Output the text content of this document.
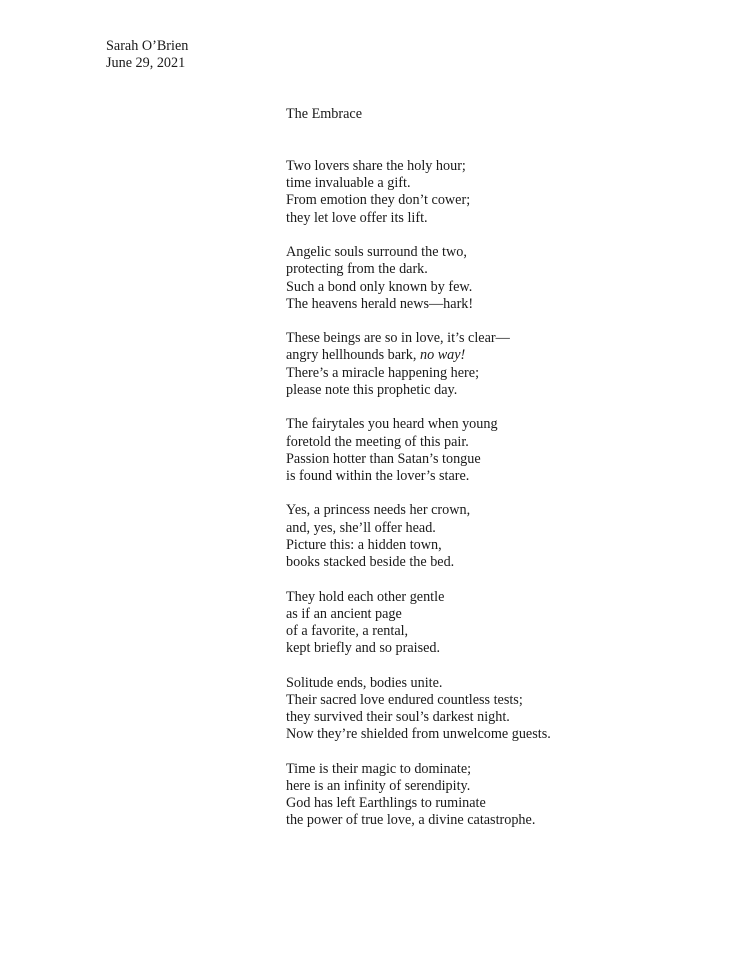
Sarah O’Brien
June 29, 2021
The Embrace
Two lovers share the holy hour;
time invaluable a gift.
From emotion they don’t cower;
they let love offer its lift.
Angelic souls surround the two,
protecting from the dark.
Such a bond only known by few.
The heavens herald news—hark!
These beings are so in love, it’s clear—
angry hellhounds bark, no way!
There’s a miracle happening here;
please note this prophetic day.
The fairytales you heard when young
foretold the meeting of this pair.
Passion hotter than Satan’s tongue
is found within the lover’s stare.
Yes, a princess needs her crown,
and, yes, she’ll offer head.
Picture this: a hidden town,
books stacked beside the bed.
They hold each other gentle
as if an ancient page
of a favorite, a rental,
kept briefly and so praised.
Solitude ends, bodies unite.
Their sacred love endured countless tests;
they survived their soul’s darkest night.
Now they’re shielded from unwelcome guests.
Time is their magic to dominate;
here is an infinity of serendipity.
God has left Earthlings to ruminate
the power of true love, a divine catastrophe.
